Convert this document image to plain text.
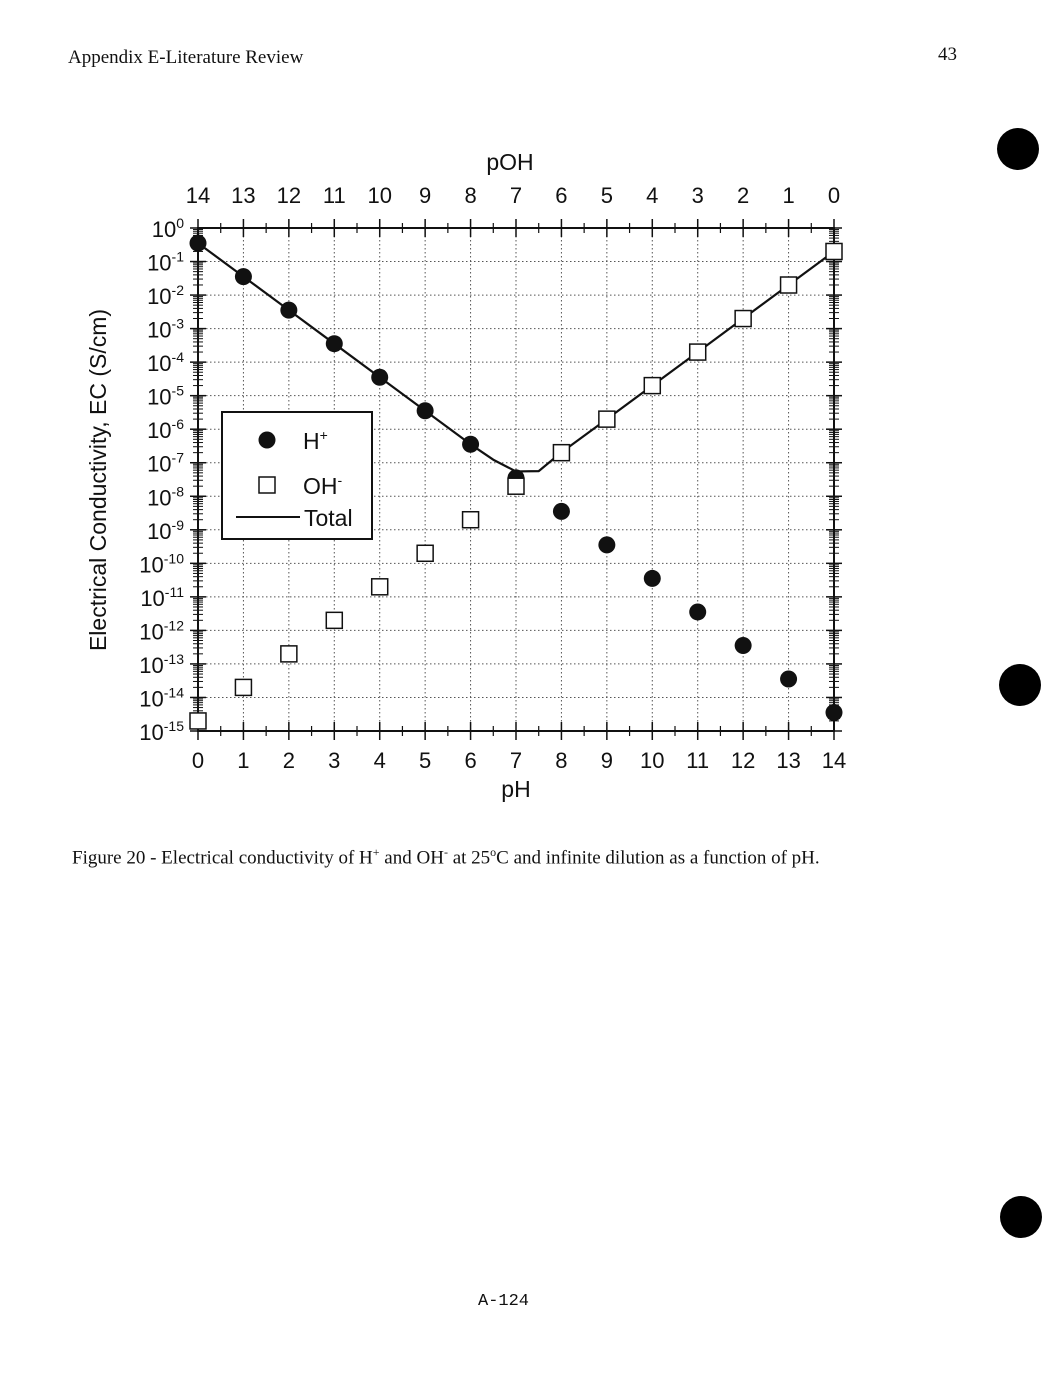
Appendix E-Literature Review	43
0 1 2 3 4 5 6 7 8 9 10 11 12 13 14
14 13 12 11 10 9 8 7 6 5 4 3 2 1 0
$10^0$
$10^{-1}$
$10^{-2}$
$10^{-3}$
$10^{-4}$
$10^{-5}$
$10^{-6}$
$10^{-7}$
$10^{-8}$
$10^{-9}$
$10^{-10}$
$10^{-11}$
$10^{-12}$
$10^{-13}$
$10^{-14}$
$10^{-15}$
pH
pOH
Electrical Conductivity, EC (S/cm)	H+
OH-
Total
Figure 20 - Electrical conductivity of H+ and OH- at 25$^o$C and infinite dilution as a function of pH.
A-124
